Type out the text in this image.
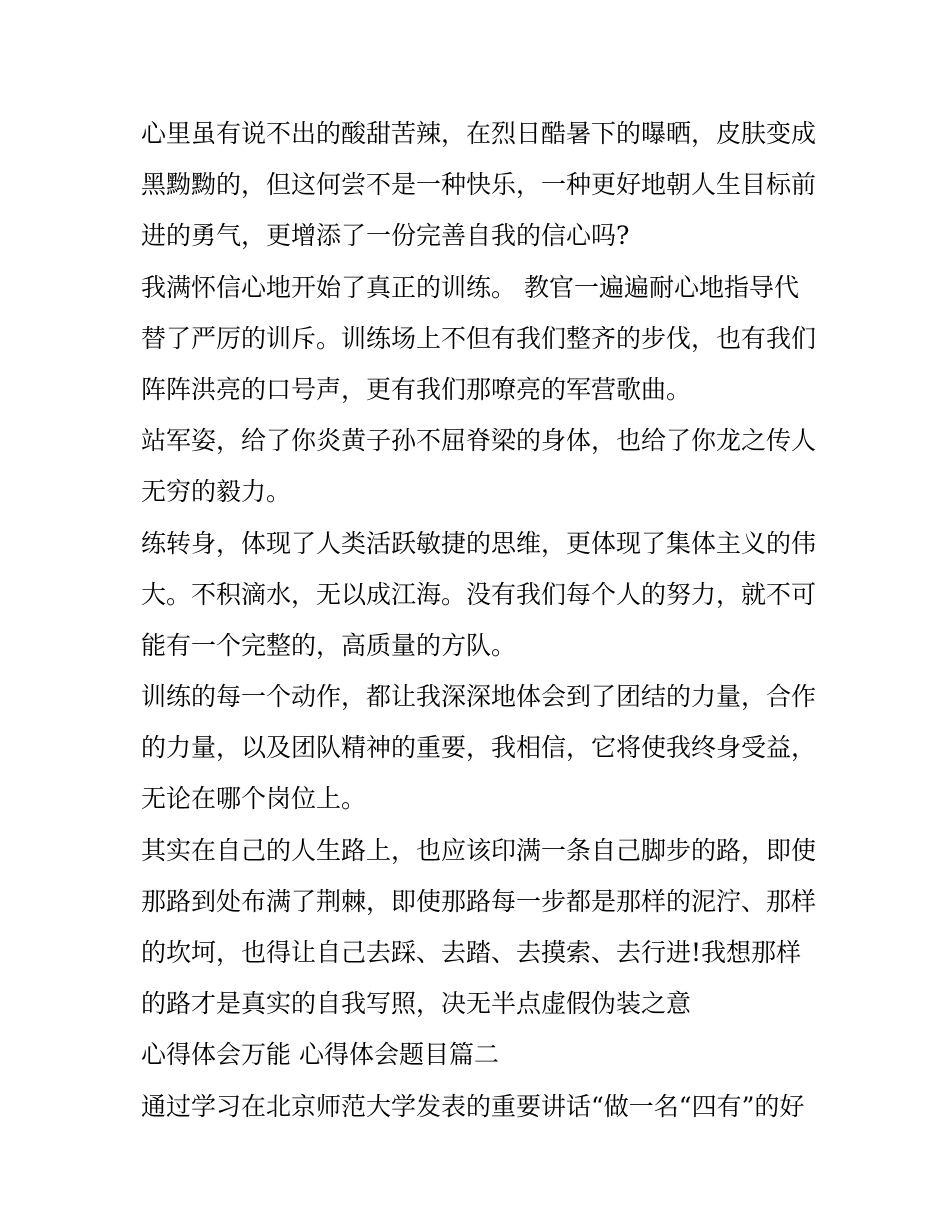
心里虽有说不出的酸甜苦辣，在烈日酷暑下的曝晒，皮肤变成
黑黝黝的，但这何尝不是一种快乐，一种更好地朝人生目标前
进的勇气，更增添了一份完善自我的信心吗?
我满怀信心地开始了真正的训练。 教官一遍遍耐心地指导代
替了严厉的训斥。训练场上不但有我们整齐的步伐，也有我们
阵阵洪亮的口号声，更有我们那嘹亮的军营歌曲。
站军姿，给了你炎黄子孙不屈脊梁的身体，也给了你龙之传人
无穷的毅力。
练转身，体现了人类活跃敏捷的思维，更体现了集体主义的伟
大。不积滴水，无以成江海。没有我们每个人的努力，就不可
能有一个完整的，高质量的方队。
训练的每一个动作，都让我深深地体会到了团结的力量，合作
的力量，以及团队精神的重要，我相信，它将使我终身受益，
无论在哪个岗位上。
其实在自己的人生路上，也应该印满一条自己脚步的路，即使
那路到处布满了荆棘，即使那路每一步都是那样的泥泞、那样
的坎坷，也得让自己去踩、去踏、去摸索、去行进!我想那样
的路才是真实的自我写照，决无半点虚假伪装之意
心得体会万能 心得体会题目篇二
通过学习在北京师范大学发表的重要讲话“做一名“四有”的好
